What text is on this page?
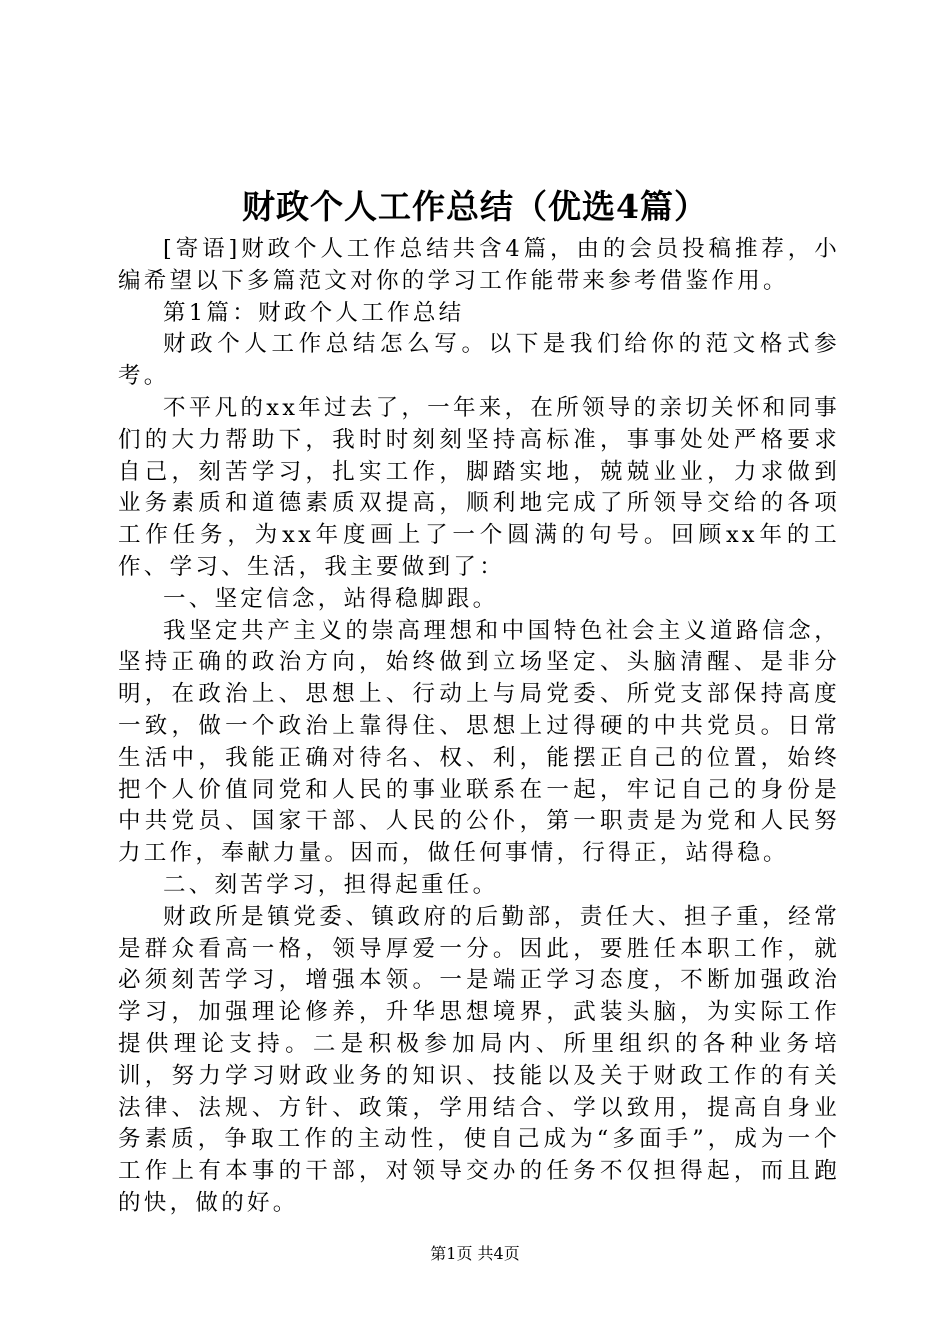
财政个人工作总结（优选4篇）

[寄语]财政个人工作总结共含4篇，由的会员投稿推荐，小编希望以下多篇范文对你的学习工作能带来参考借鉴作用。

第1篇：财政个人工作总结

财政个人工作总结怎么写。以下是我们给你的范文格式参考。

不平凡的xx年过去了，一年来，在所领导的亲切关怀和同事们的大力帮助下，我时时刻刻坚持高标准，事事处处严格要求自己，刻苦学习，扎实工作，脚踏实地，兢兢业业，力求做到业务素质和道德素质双提高，顺利地完成了所领导交给的各项工作任务，为xx年度画上了一个圆满的句号。回顾xx年的工作、学习、生活，我主要做到了：

一、坚定信念，站得稳脚跟。

我坚定共产主义的崇高理想和中国特色社会主义道路信念，坚持正确的政治方向，始终做到立场坚定、头脑清醒、是非分明，在政治上、思想上、行动上与局党委、所党支部保持高度一致，做一个政治上靠得住、思想上过得硬的中共党员。日常生活中，我能正确对待名、权、利，能摆正自己的位置，始终把个人价值同党和人民的事业联系在一起，牢记自己的身份是中共党员、国家干部、人民的公仆，第一职责是为党和人民努力工作，奉献力量。因而，做任何事情，行得正，站得稳。

二、刻苦学习，担得起重任。

财政所是镇党委、镇政府的后勤部，责任大、担子重，经常是群众看高一格，领导厚爱一分。因此，要胜任本职工作，就必须刻苦学习，增强本领。一是端正学习态度，不断加强政治学习，加强理论修养，升华思想境界，武装头脑，为实际工作提供理论支持。二是积极参加局内、所里组织的各种业务培训，努力学习财政业务的知识、技能以及关于财政工作的有关法律、法规、方针、政策，学用结合、学以致用，提高自身业务素质，争取工作的主动性，使自己成为“多面手”，成为一个工作上有本事的干部，对领导交办的任务不仅担得起，而且跑的快，做的好。

第1页 共4页
